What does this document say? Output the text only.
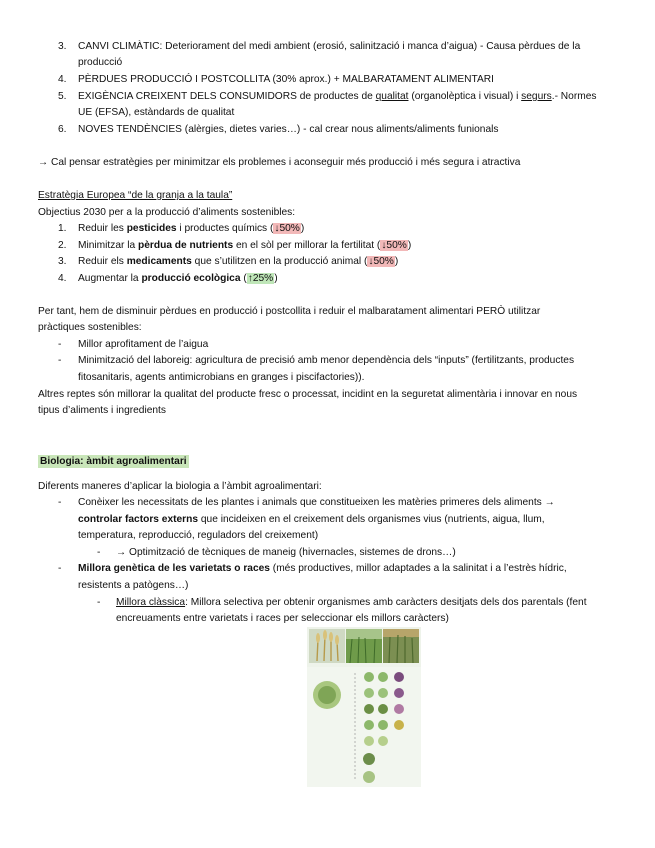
3. CANVI CLIMÀTIC: Deteriorament del medi ambient (erosió, salinització i manca d’aigua) - Causa pèrdues de la
producció
4. PÈRDUES PRODUCCIÓ I POSTCOLLITA (30% aprox.) + MALBARATAMENT ALIMENTARI
5. EXIGÈNCIA CREIXENT DELS CONSUMIDORS de productes de qualitat (organolèptica i visual) i segurs.- Normes
UE (EFSA), estàndards de qualitat
6. NOVES TENDÈNCIES (alèrgies, dietes varies…) - cal crear nous aliments/aliments funionals
→ Cal pensar estratègies per minimitzar els problemes i aconseguir més producció i més segura i atractiva
Estratègia Europea “de la granja a la taula”
Objectius 2030 per a la producció d’aliments sostenibles:
1. Reduir les pesticides i productes químics (↓50%)
2. Minimitzar la pèrdua de nutrients en el sòl per millorar la fertilitat (↓50%)
3. Reduir els medicaments que s’utilitzen en la producció animal (↓50%)
4. Augmentar la producció ecològica (↑25%)
Per tant, hem de disminuir pèrdues en producció i postcollita i reduir el malbaratament alimentari PERÒ utilitzar
pràctiques sostenibles:
- Millor aprofitament de l’aigua
- Minimització del laboreig: agricultura de precisió amb menor dependència dels “inputs” (fertilitzants, productes
fitosanitaris, agents antimicrobians en granges i piscifactories)).
Altres reptes són millorar la qualitat del producte fresc o processat, incidint en la seguretat alimentària i innovar en nous
tipus d’aliments i ingredients
Biologia: àmbit agroalimentari
Diferents maneres d’aplicar la biologia a l’àmbit agroalimentari:
- Conèixer les necessitats de les plantes i animals que constitueixen les matèries primeres dels aliments →
controlar factors externs que incideixen en el creixement dels organismes vius (nutrients, aigua, llum,
temperatura, reproducció, reguladors del creixement)
- → Optimització de tècniques de maneig (hivernacles, sistemes de drons…)
- Millora genètica de les varietats o races (més productives, millor adaptades a la salinitat i a l’estrès hídric,
resistents a patògens…)
- Millora clàssica: Millora selectiva per obtenir organismes amb caràcters desitjats dels dos parentals (fent
encreuaments entre varietats i races per seleccionar els millors caràcters)
